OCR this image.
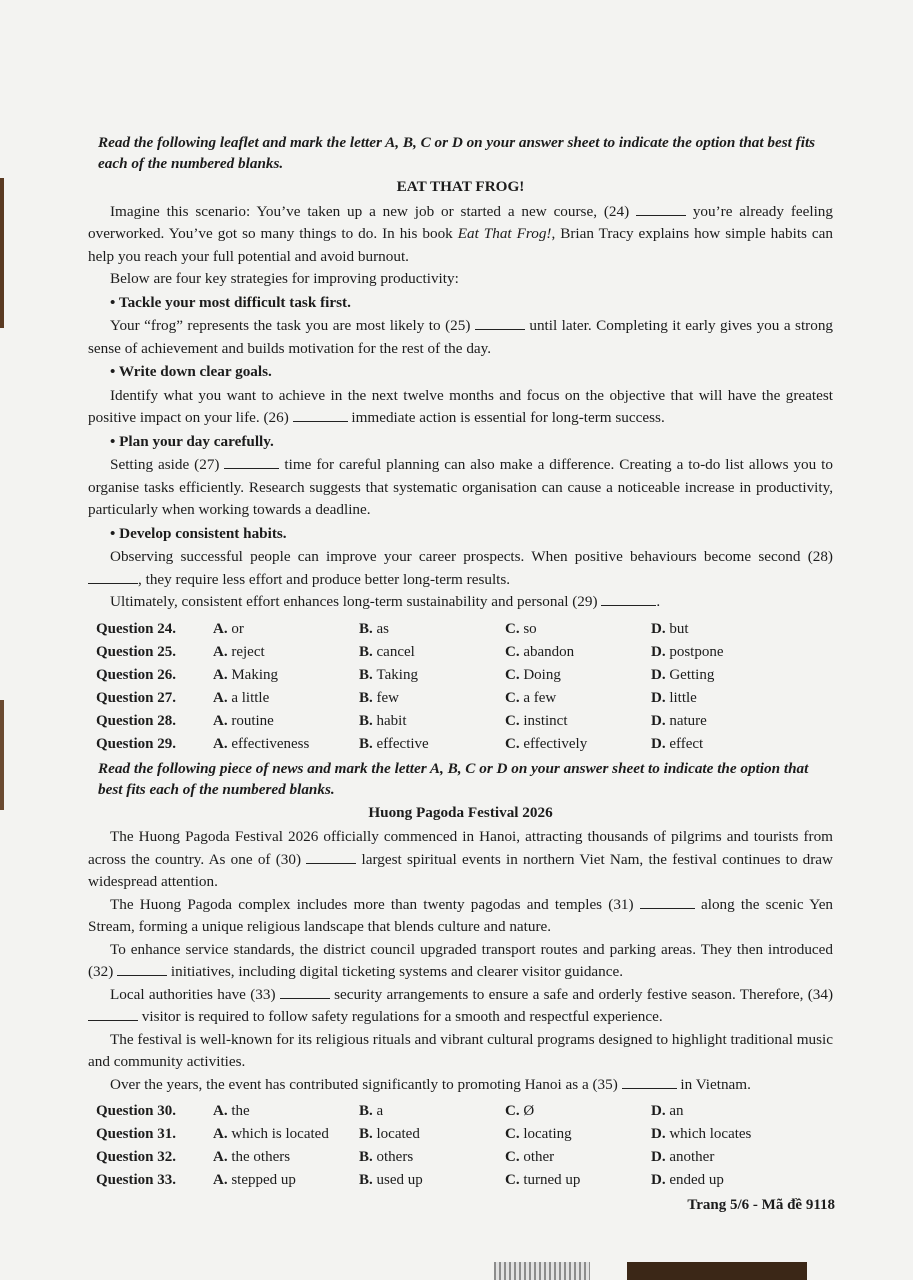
Read the following leaflet and mark the letter A, B, C or D on your answer sheet to indicate the option that best fits each of the numbered blanks.

EAT THAT FROG!

Imagine this scenario: You’ve taken up a new job or started a new course, (24)	you’re already feeling overworked. You’ve got so many things to do. In his book Eat That Frog!, Brian Tracy explains how simple habits can help you reach your full potential and avoid burnout.

Below are four key strategies for improving productivity:

• Tackle your most difficult task first.

Your “frog” represents the task you are most likely to (25)	until later. Completing it early gives you a strong sense of achievement and builds motivation for the rest of the day.

• Write down clear goals.

Identify what you want to achieve in the next twelve months and focus on the objective that will have the greatest positive impact on your life. (26)	immediate action is essential for long-term success.

• Plan your day carefully.

Setting aside (27)	time for careful planning can also make a difference. Creating a to-do list allows you to organise tasks efficiently. Research suggests that systematic organisation can cause a noticeable increase in productivity, particularly when working towards a deadline.

• Develop consistent habits.

Observing successful people can improve your career prospects. When positive behaviours become second (28) , they require less effort and produce better long-term results.

Ultimately, consistent effort enhances long-term sustainability and personal (29)	.

Question 24.	A. or	B. as	C. so	D. but
Question 25.	A. reject	B. cancel	C. abandon	D. postpone
Question 26.	A. Making	B. Taking	C. Doing	D. Getting
Question 27.	A. a little	B. few	C. a few	D. little
Question 28.	A. routine	B. habit	C. instinct	D. nature
Question 29.	A. effectiveness	B. effective	C. effectively	D. effect

Read the following piece of news and mark the letter A, B, C or D on your answer sheet to indicate the option that best fits each of the numbered blanks.

Huong Pagoda Festival 2026

The Huong Pagoda Festival 2026 officially commenced in Hanoi, attracting thousands of pilgrims and tourists from across the country. As one of (30)	largest spiritual events in northern Viet Nam, the festival continues to draw widespread attention.

The Huong Pagoda complex includes more than twenty pagodas and temples (31)	along the scenic Yen Stream, forming a unique religious landscape that blends culture and nature.

To enhance service standards, the district council upgraded transport routes and parking areas. They then introduced (32)	initiatives, including digital ticketing systems and clearer visitor guidance.

Local authorities have (33)	security arrangements to ensure a safe and orderly festive season. Therefore, (34)  visitor is required to follow safety regulations for a smooth and respectful experience.

The festival is well-known for its religious rituals and vibrant cultural programs designed to highlight traditional music and community activities.

Over the years, the event has contributed significantly to promoting Hanoi as a (35)	in Vietnam.

Question 30.	A. the	B. a	C. Ø	D. an
Question 31.	A. which is located	B. located	C. locating	D. which locates
Question 32.	A. the others	B. others	C. other	D. another
Question 33.	A. stepped up	B. used up	C. turned up	D. ended up

Trang 5/6 - Mã đề 9118
